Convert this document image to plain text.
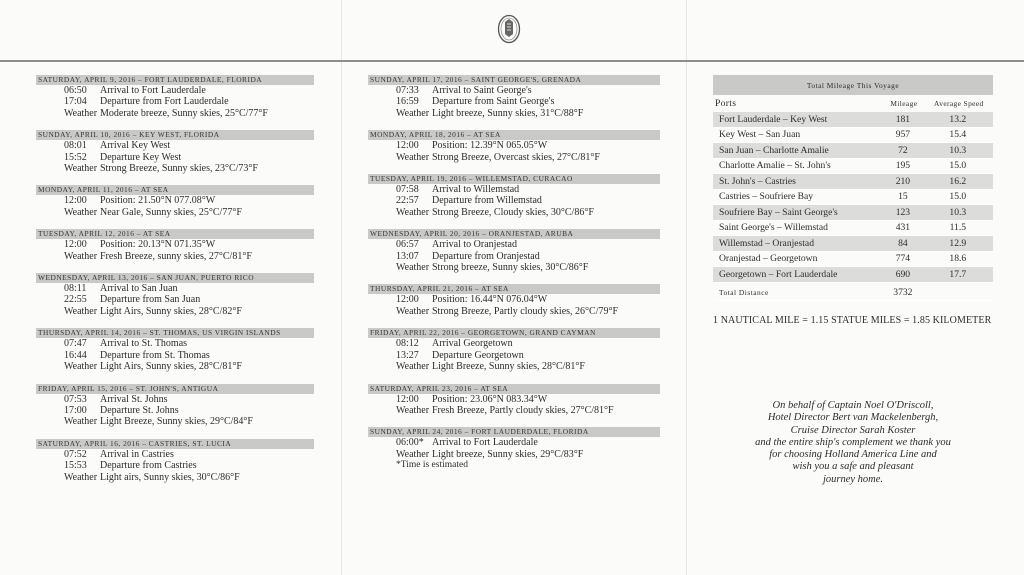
SATURDAY, APRIL 9, 2016 – FORT LAUDERDALE, FLORIDA
06:50	Arrival to Fort Lauderdale
17:04	Departure from Fort Lauderdale
Weather Moderate breeze, Sunny skies, 25°C/77°F
SUNDAY, APRIL 10, 2016 – KEY WEST, FLORIDA
08:01	Arrival Key West
15:52	Departure Key West
Weather Strong Breeze, Sunny skies, 23°C/73°F
MONDAY, APRIL 11, 2016 – AT SEA
12:00	Position: 21.50°N 077.08°W
Weather Near Gale, Sunny skies, 25°C/77°F
TUESDAY, APRIL 12, 2016 – AT SEA
12:00	Position: 20.13°N 071.35°W
Weather Fresh Breeze, sunny skies, 27°C/81°F
WEDNESDAY, APRIL 13, 2016 – SAN JUAN, PUERTO RICO
08:11	Arrival to San Juan
22:55	Departure from San Juan
Weather Light Airs, Sunny skies, 28°C/82°F
THURSDAY, APRIL 14, 2016 – ST. THOMAS, US VIRGIN ISLANDS
07:47	Arrival to St. Thomas
16:44	Departure from St. Thomas
Weather Light Airs, Sunny skies, 28°C/81°F
FRIDAY, APRIL 15, 2016 – ST. JOHN'S, ANTIGUA
07:53	Arrival St. Johns
17:00	Departure St. Johns
Weather Light Breeze, Sunny skies, 29°C/84°F
SATURDAY, APRIL 16, 2016 – CASTRIES, ST. LUCIA
07:52	Arrival in Castries
15:53	Departure from Castries
Weather Light airs, Sunny skies, 30°C/86°F
SUNDAY, APRIL 17, 2016 – SAINT GEORGE'S, GRENADA
07:33	Arrival to Saint George's
16:59	Departure from Saint George's
Weather Light breeze, Sunny skies, 31°C/88°F
MONDAY, APRIL 18, 2016 – AT SEA
12:00	Position: 12.39°N 065.05°W
Weather Strong Breeze, Overcast skies, 27°C/81°F
TUESDAY, APRIL 19, 2016 – WILLEMSTAD, CURACAO
07:58	Arrival to Willemstad
22:57	Departure from Willemstad
Weather Strong Breeze, Cloudy skies, 30°C/86°F
WEDNESDAY, APRIL 20, 2016 – ORANJESTAD, ARUBA
06:57	Arrival to Oranjestad
13:07	Departure from Oranjestad
Weather Strong breeze, Sunny skies, 30°C/86°F
THURSDAY, APRIL 21, 2016 – AT SEA
12:00	Position: 16.44°N 076.04°W
Weather Strong Breeze, Partly cloudy skies, 26°C/79°F
FRIDAY, APRIL 22, 2016 – GEORGETOWN, GRAND CAYMAN
08:12	Arrival Georgetown
13:27	Departure Georgetown
Weather Light Breeze, Sunny skies, 28°C/81°F
SATURDAY, APRIL 23, 2016 – AT SEA
12:00	Position: 23.06°N 083.34°W
Weather Fresh Breeze, Partly cloudy skies, 27°C/81°F
SUNDAY, APRIL 24, 2016 – FORT LAUDERDALE, FLORIDA
06:00* Arrival to Fort Lauderdale
Weather Light breeze, Sunny skies, 29°C/83°F
*Time is estimated
Total Mileage This Voyage		
Ports	Mileage	Average Speed
Fort Lauderdale – Key West	181	13.2
Key West – San Juan	957	15.4
San Juan – Charlotte Amalie	72	10.3
Charlotte Amalie – St. John's	195	15.0
St. John's – Castries	210	16.2
Castries – Soufriere Bay	15	15.0
Soufriere Bay – Saint George's	123	10.3
Saint George's – Willemstad	431	11.5
Willemstad – Oranjestad	84	12.9
Oranjestad – Georgetown	774	18.6
Georgetown – Fort Lauderdale	690	17.7
Total Distance	3732	
1 NAUTICAL MILE = 1.15 STATUE MILES = 1.85 KILOMETER
On behalf of Captain Noel O'Driscoll,
Hotel Director Bert van Mackelenbergh,
Cruise Director Sarah Koster
and the entire ship's complement we thank you
for choosing Holland America Line and
wish you a safe and pleasant
journey home.
